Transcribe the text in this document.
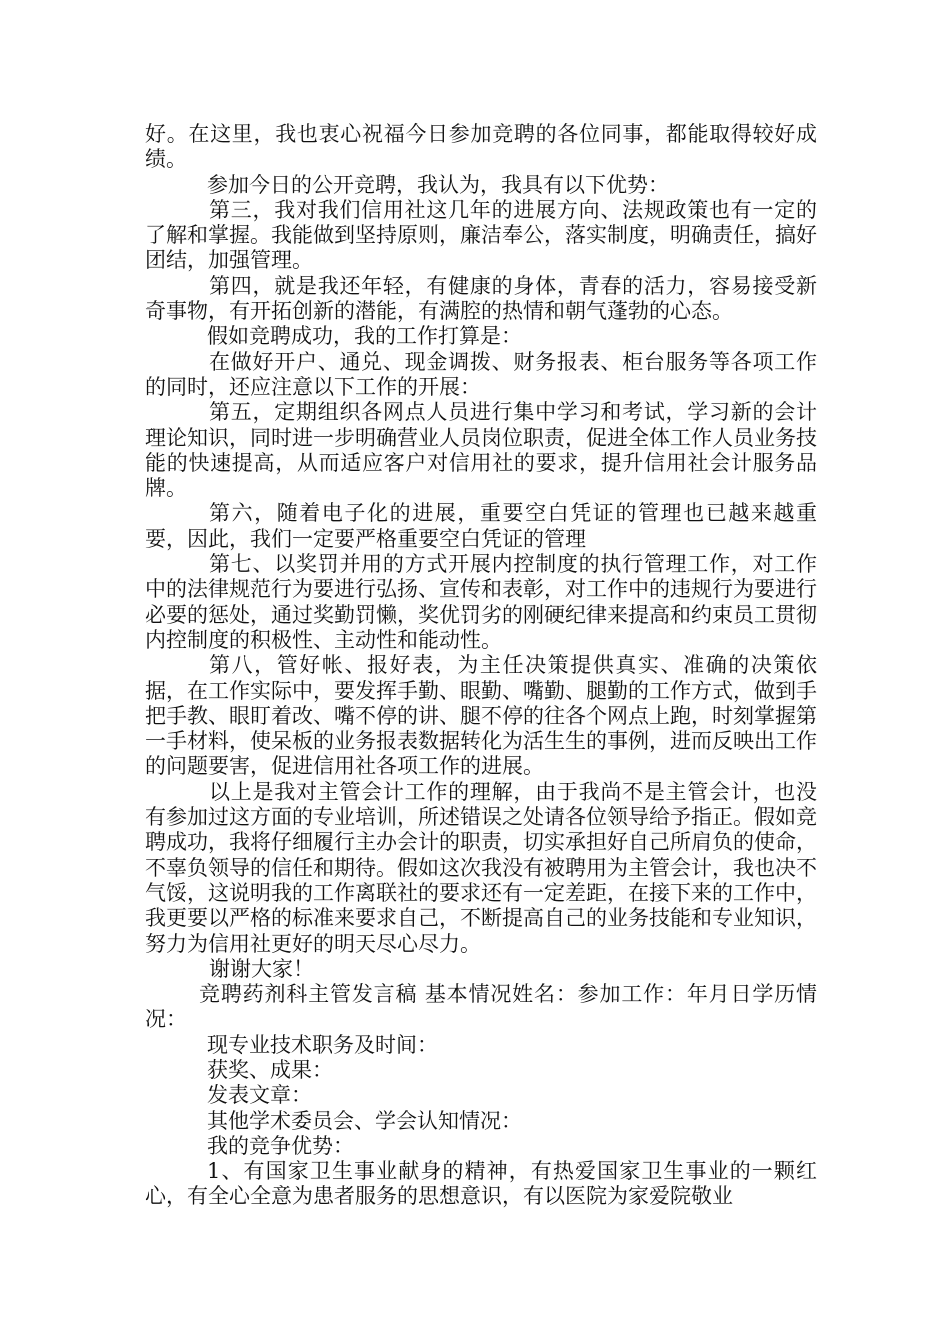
好。在这里，我也衷心祝福今日参加竞聘的各位同事，都能取得较好成绩。

参加今日的公开竞聘，我认为，我具有以下优势：

第三，我对我们信用社这几年的进展方向、法规政策也有一定的了解和掌握。我能做到坚持原则，廉洁奉公，落实制度，明确责任，搞好团结，加强管理。

第四，就是我还年轻，有健康的身体，青春的活力，容易接受新奇事物，有开拓创新的潜能，有满腔的热情和朝气蓬勃的心态。

假如竞聘成功，我的工作打算是：

在做好开户、通兑、现金调拨、财务报表、柜台服务等各项工作的同时，还应注意以下工作的开展：

第五，定期组织各网点人员进行集中学习和考试，学习新的会计理论知识，同时进一步明确营业人员岗位职责，促进全体工作人员业务技能的快速提高，从而适应客户对信用社的要求，提升信用社会计服务品牌。

第六，随着电子化的进展，重要空白凭证的管理也已越来越重要，因此，我们一定要严格重要空白凭证的管理

第七、以奖罚并用的方式开展内控制度的执行管理工作，对工作中的法律规范行为要进行弘扬、宣传和表彰，对工作中的违规行为要进行必要的惩处，通过奖勤罚懒，奖优罚劣的刚硬纪律来提高和约束员工贯彻内控制度的积极性、主动性和能动性。

第八，管好帐、报好表，为主任决策提供真实、准确的决策依据，在工作实际中，要发挥手勤、眼勤、嘴勤、腿勤的工作方式，做到手把手教、眼盯着改、嘴不停的讲、腿不停的往各个网点上跑，时刻掌握第一手材料，使呆板的业务报表数据转化为活生生的事例，进而反映出工作的问题要害，促进信用社各项工作的进展。

以上是我对主管会计工作的理解，由于我尚不是主管会计，也没有参加过这方面的专业培训，所述错误之处请各位领导给予指正。假如竞聘成功，我将仔细履行主办会计的职责，切实承担好自己所肩负的使命，不辜负领导的信任和期待。假如这次我没有被聘用为主管会计，我也决不气馁，这说明我的工作离联社的要求还有一定差距，在接下来的工作中，我更要以严格的标准来要求自己，不断提高自己的业务技能和专业知识，努力为信用社更好的明天尽心尽力。

谢谢大家！

竞聘药剂科主管发言稿 基本情况姓名：参加工作：年月日学历情况：

现专业技术职务及时间：

获奖、成果：

发表文章：

其他学术委员会、学会认知情况：

我的竞争优势：

1、有国家卫生事业献身的精神，有热爱国家卫生事业的一颗红心，有全心全意为患者服务的思想意识，有以医院为家爱院敬业
